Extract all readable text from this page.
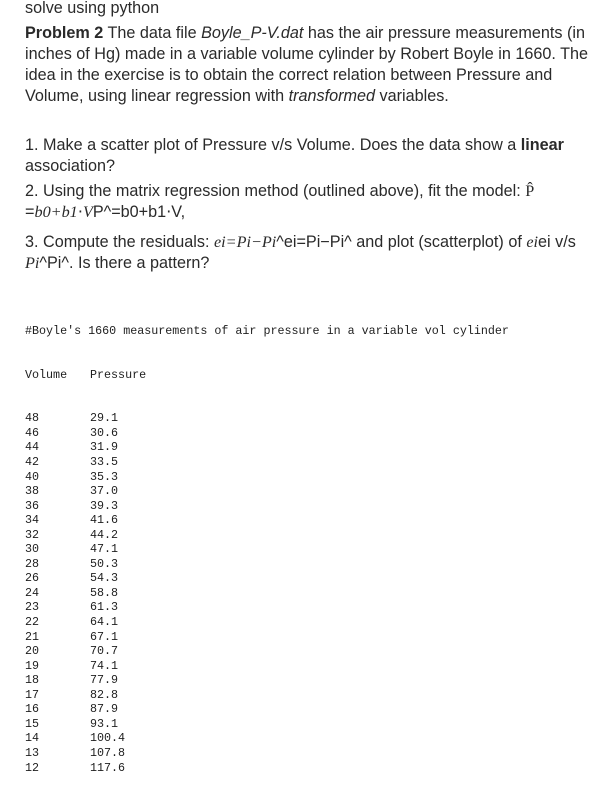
solve using python

Problem 2 The data file Boyle_P-V.dat has the air pressure measurements (in inches of Hg) made in a variable volume cylinder by Robert Boyle in 1660. The idea in the exercise is to obtain the correct relation between Pressure and Volume, using linear regression with transformed variables.

1. Make a scatter plot of Pressure v/s Volume. Does the data show a linear association?

2. Using the matrix regression method (outlined above), fit the model: P̂ =b0+b1⋅VP^=b0+b1⋅V,

3. Compute the residuals: ei=Pi−Pi^ei=Pi−Pi^ and plot (scatterplot) of eiei v/s Pi^Pi^. Is there a pattern?

#Boyle's 1660 measurements of air pressure in a variable vol cylinder

Volume Pressure

48	29.1
46	30.6
44	31.9
42	33.5
40	35.3
38	37.0
36	39.3
34	41.6
32	44.2
30	47.1
28	50.3
26	54.3
24	58.8
23	61.3
22	64.1
21	67.1
20	70.7
19	74.1
18	77.9
17	82.8
16	87.9
15	93.1
14	100.4
13	107.8
12	117.6
